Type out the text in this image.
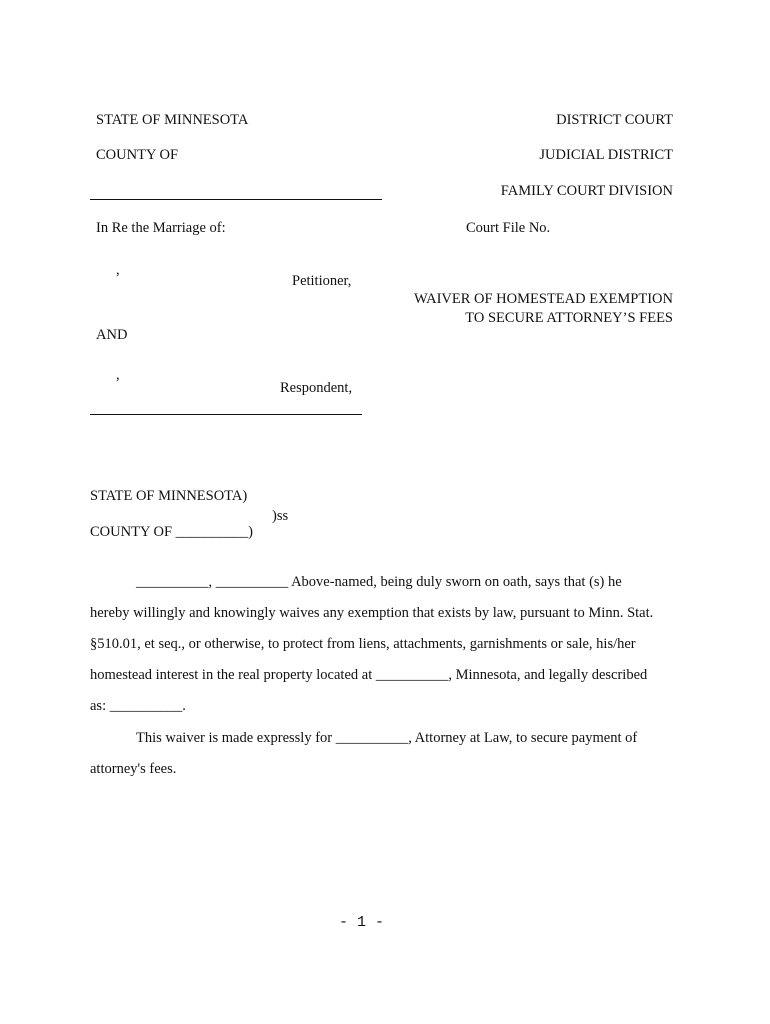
STATE OF MINNESOTA
COUNTY OF
DISTRICT COURT
JUDICIAL DISTRICT
FAMILY COURT DIVISION
In Re the Marriage of:	Court File No.
,
Petitioner,
WAIVER OF HOMESTEAD EXEMPTION
TO SECURE ATTORNEY’S FEES
AND
,
Respondent,
STATE OF MINNESOTA)
)ss
COUNTY OF __________)
__________, __________ Above-named, being duly sworn on oath, says that (s) he
hereby willingly and knowingly waives any exemption that exists by law, pursuant to Minn. Stat.
§510.01, et seq., or otherwise, to protect from liens, attachments, garnishments or sale, his/her
homestead interest in the real property located at __________, Minnesota, and legally described
as: __________.
This waiver is made expressly for __________, Attorney at Law, to secure payment of
attorney's fees.
- 1 -
